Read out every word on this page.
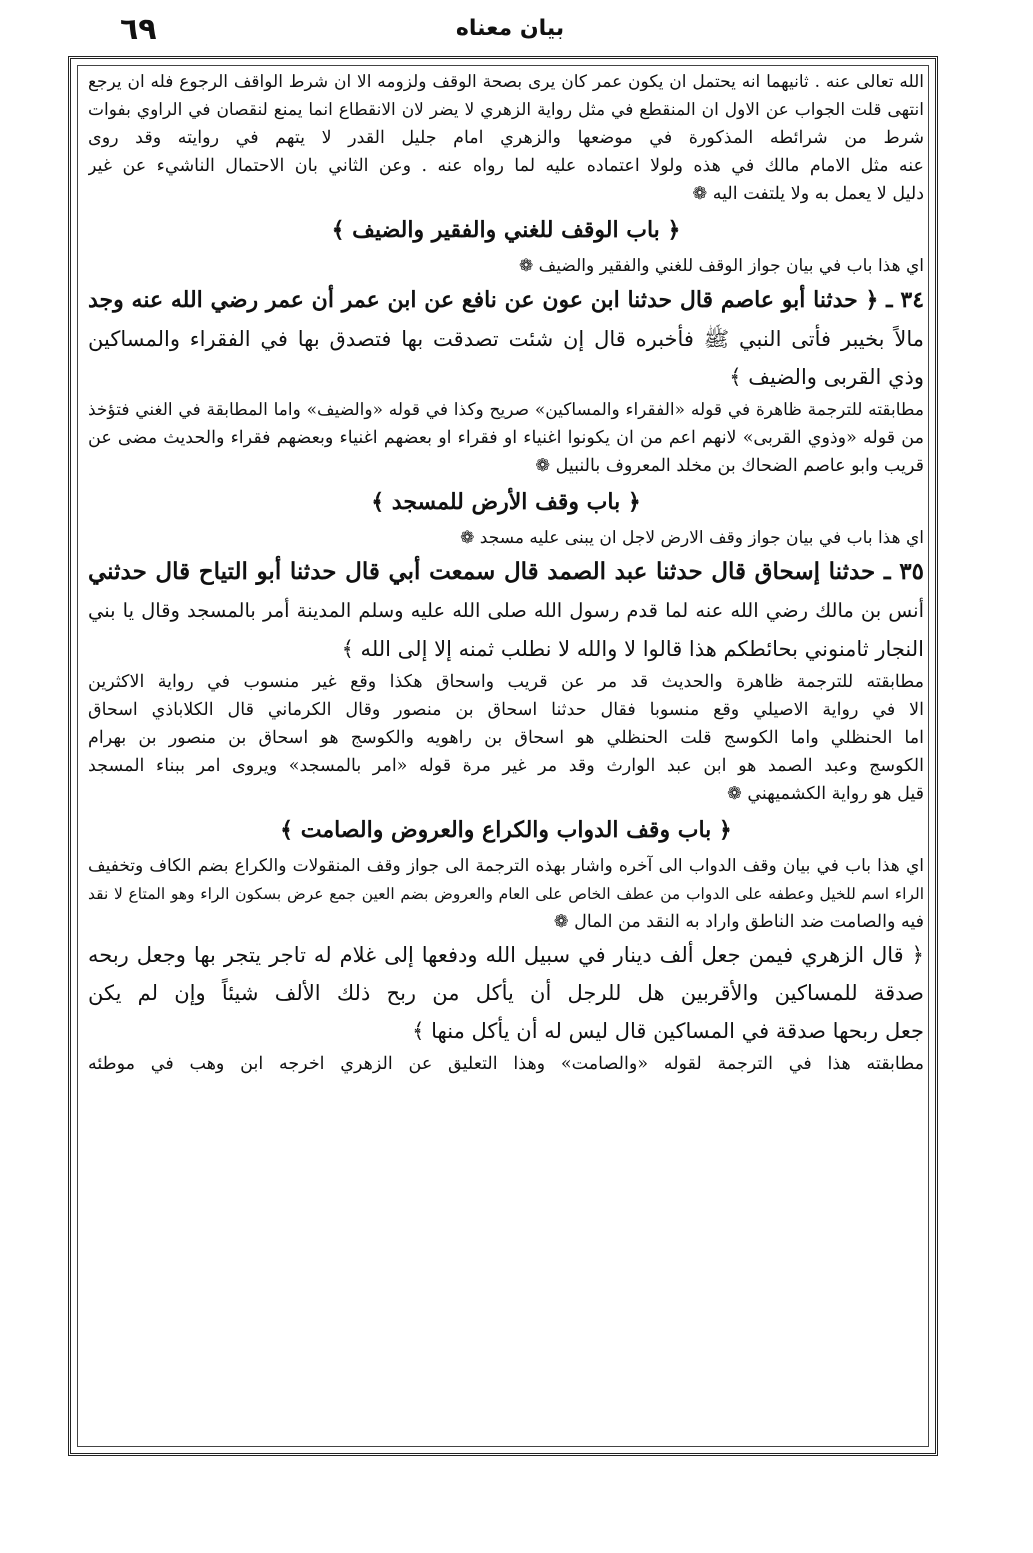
٦٩	بيان معناه
الله تعالى عنه . ثانيهما انه يحتمل ان يكون عمر كان يرى بصحة الوقف ولزومه الا ان شرط الواقف الرجوع فله ان يرجع
انتهى قلت الجواب عن الاول ان المنقطع في مثل رواية الزهري لا يضر لان الانقطاع انما يمنع لنقصان في الراوي بفوات
شرط من شرائطه المذكورة في موضعها والزهري امام جليل القدر لا يتهم في روايته وقد روى
عنه مثل الامام مالك في هذه ولولا اعتماده عليه لما رواه عنه . وعن الثاني بان الاحتمال الناشيء عن غير
دليل لا يعمل به ولا يلتفت اليه ❁
﴿ باب الوقف للغني والفقير والضيف ﴾
اي هذا باب في بيان جواز الوقف للغني والفقير والضيف ❁
٣٤ ـ ﴿ حدثنا أبو عاصم قال حدثنا ابن عون عن نافع عن ابن عمر أن عمر رضي الله عنه وجد
مالاً بخيبر فأتى النبي ﷺ فأخبره قال إن شئت تصدقت بها فتصدق بها في الفقراء والمساكين
وذي القربى والضيف ﴾
مطابقته للترجمة ظاهرة في قوله «الفقراء والمساكين» صريح وكذا في قوله «والضيف» واما المطابقة في الغني فتؤخذ
من قوله «وذوي القربى» لانهم اعم من ان يكونوا اغنياء او فقراء او بعضهم اغنياء وبعضهم فقراء والحديث مضى عن
قريب وابو عاصم الضحاك بن مخلد المعروف بالنبيل ❁
﴿ باب وقف الأرض للمسجد ﴾
اي هذا باب في بيان جواز وقف الارض لاجل ان يبنى عليه مسجد ❁
٣٥ ـ حدثنا إسحاق قال حدثنا عبد الصمد قال سمعت أبي قال حدثنا أبو التياح قال حدثني
أنس بن مالك رضي الله عنه لما قدم رسول الله صلى الله عليه وسلم المدينة أمر بالمسجد وقال يا بني
النجار ثامنوني بحائطكم هذا قالوا لا والله لا نطلب ثمنه إلا إلى الله ﴾
مطابقته للترجمة ظاهرة والحديث قد مر عن قريب واسحاق هكذا وقع غير منسوب في رواية الاكثرين
الا في رواية الاصيلي وقع منسوبا فقال حدثنا اسحاق بن منصور وقال الكرماني قال الكلاباذي اسحاق
اما الحنظلي واما الكوسج قلت الحنظلي هو اسحاق بن راهويه والكوسج هو اسحاق بن منصور بن بهرام
الكوسج وعبد الصمد هو ابن عبد الوارث وقد مر غير مرة قوله «امر بالمسجد» ويروى امر ببناء المسجد
قيل هو رواية الكشميهني ❁
﴿ باب وقف الدواب والكراع والعروض والصامت ﴾
اي هذا باب في بيان وقف الدواب الى آخره واشار بهذه الترجمة الى جواز وقف المنقولات والكراع بضم الكاف وتخفيف
الراء اسم للخيل وعطفه على الدواب من عطف الخاص على العام والعروض بضم العين جمع عرض بسكون الراء وهو المتاع لا نقد
فيه والصامت ضد الناطق واراد به النقد من المال ❁
﴿ قال الزهري فيمن جعل ألف دينار في سبيل الله ودفعها إلى غلام له تاجر يتجر بها وجعل ربحه
صدقة للمساكين والأقربين هل للرجل أن يأكل من ربح ذلك الألف شيئاً وإن لم يكن
جعل ربحها صدقة في المساكين قال ليس له أن يأكل منها ﴾
مطابقته هذا في الترجمة لقوله «والصامت» وهذا التعليق عن الزهري اخرجه ابن وهب في موطئه
